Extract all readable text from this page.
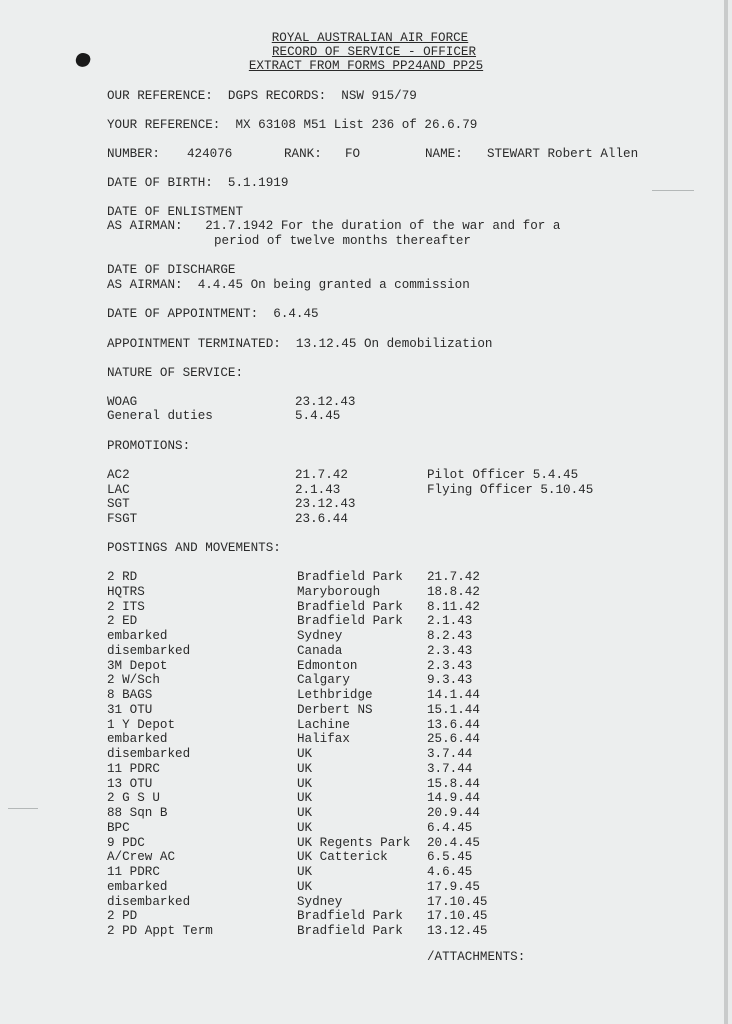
ROYAL AUSTRALIAN AIR FORCE
RECORD OF SERVICE - OFFICER
EXTRACT FROM FORMS PP24AND PP25
OUR REFERENCE:  DGPS RECORDS:  NSW 915/79
YOUR REFERENCE:  MX 63108 M51 List 236 of 26.6.79
NUMBER: 424076	RANK: FO	NAME: STEWART Robert Allen
DATE OF BIRTH:  5.1.1919
DATE OF ENLISTMENT
AS AIRMAN:   21.7.1942 For the duration of the war and for a
period of twelve months thereafter
DATE OF DISCHARGE
AS AIRMAN:  4.4.45 On being granted a commission
DATE OF APPOINTMENT:  6.4.45
APPOINTMENT TERMINATED:  13.12.45 On demobilization
NATURE OF SERVICE:
WOAG	23.12.43
General duties	5.4.45
PROMOTIONS:
AC2	21.7.42	Pilot Officer 5.4.45
LAC	2.1.43	Flying Officer 5.10.45
SGT	23.12.43
FSGT	23.6.44
POSTINGS AND MOVEMENTS:
2 RD	Bradfield Park 21.7.42
HQTRS	Maryborough	18.8.42
2 ITS	Bradfield Park 8.11.42
2 ED	Bradfield Park 2.1.43
embarked	Sydney	8.2.43
disembarked	Canada	2.3.43
3M Depot	Edmonton	2.3.43
2 W/Sch	Calgary	9.3.43
8 BAGS	Lethbridge	14.1.44
31 OTU	Derbert NS	15.1.44
1 Y Depot	Lachine	13.6.44
embarked	Halifax	25.6.44
disembarked	UK	3.7.44
11 PDRC	UK	3.7.44
13 OTU	UK	15.8.44
2 G S U	UK	14.9.44
88 Sqn B	UK	20.9.44
BPC	UK	6.4.45
9 PDC	UK Regents Park 20.4.45
A/Crew AC	UK Catterick	6.5.45
11 PDRC	UK	4.6.45
embarked	UK	17.9.45
disembarked	Sydney	17.10.45
2 PD	Bradfield Park 17.10.45
2 PD Appt Term	Bradfield Park 13.12.45
/ATTACHMENTS:
